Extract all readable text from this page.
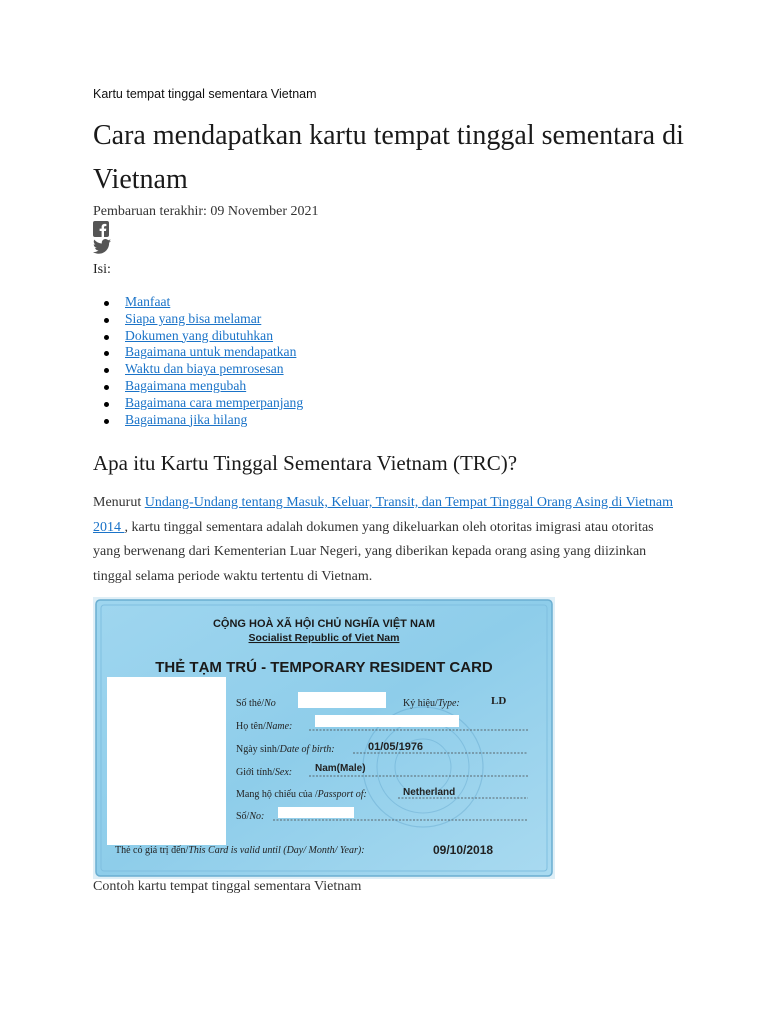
Kartu tempat tinggal sementara Vietnam
Cara mendapatkan kartu tempat tinggal sementara di Vietnam
Pembaruan terakhir: 09 November 2021
Isi:
Manfaat
Siapa yang bisa melamar
Dokumen yang dibutuhkan
Bagaimana untuk mendapatkan
Waktu dan biaya pemrosesan
Bagaimana mengubah
Bagaimana cara memperpanjang
Bagaimana jika hilang
Apa itu Kartu Tinggal Sementara Vietnam (TRC)?
Menurut Undang-Undang tentang Masuk, Keluar, Transit, dan Tempat Tinggal Orang Asing di Vietnam 2014 , kartu tinggal sementara adalah dokumen yang dikeluarkan oleh otoritas imigrasi atau otoritas yang berwenang dari Kementerian Luar Negeri, yang diberikan kepada orang asing yang diizinkan tinggal selama periode waktu tertentu di Vietnam.
CỘNG HOÀ XÃ HỘI CHỦ NGHĨA VIỆT NAM
Socialist Republic of Viet Nam
THẺ TẠM TRÚ - TEMPORARY RESIDENT CARD
Số thẻ/No	Ký hiệu/Type:	LD
Họ tên/Name:
Ngày sinh/Date of birth:	01/05/1976
Giới tính/Sex: Nam(Male)
Mang hộ chiếu của /Passport of:	Netherland
Số/No:
Thẻ có giá trị đến/This Card is valid until (Day/ Month/ Year):	09/10/2018
Contoh kartu tempat tinggal sementara Vietnam
